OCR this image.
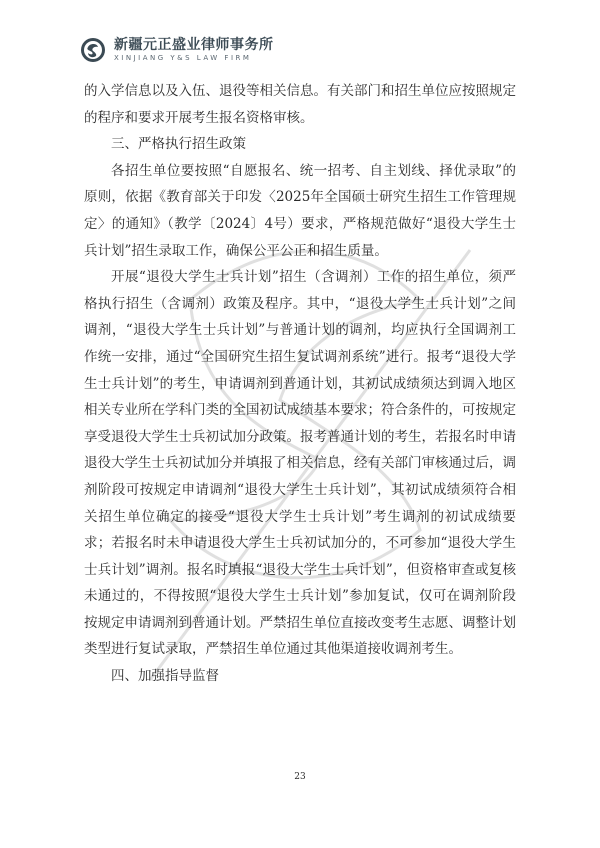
新疆元正盛业律师事务所
XINJIANG Y&S LAW FIRM

的入学信息以及入伍、退役等相关信息。有关部门和招生单位应按照规定的程序和要求开展考生报名资格审核。

三、严格执行招生政策

各招生单位要按照“自愿报名、统一招考、自主划线、择优录取”的原则，依据《教育部关于印发〈2025年全国硕士研究生招生工作管理规定〉的通知》（教学〔2024〕4号）要求，严格规范做好“退役大学生士兵计划”招生录取工作，确保公平公正和招生质量。

开展“退役大学生士兵计划”招生（含调剂）工作的招生单位，须严格执行招生（含调剂）政策及程序。其中，“退役大学生士兵计划”之间调剂，“退役大学生士兵计划”与普通计划的调剂，均应执行全国调剂工作统一安排，通过“全国研究生招生复试调剂系统”进行。报考“退役大学生士兵计划”的考生，申请调剂到普通计划，其初试成绩须达到调入地区相关专业所在学科门类的全国初试成绩基本要求；符合条件的，可按规定享受退役大学生士兵初试加分政策。报考普通计划的考生，若报名时申请退役大学生士兵初试加分并填报了相关信息，经有关部门审核通过后，调剂阶段可按规定申请调剂“退役大学生士兵计划”，其初试成绩须符合相关招生单位确定的接受“退役大学生士兵计划”考生调剂的初试成绩要求；若报名时未申请退役大学生士兵初试加分的，不可参加“退役大学生士兵计划”调剂。报名时填报“退役大学生士兵计划”，但资格审查或复核未通过的，不得按照“退役大学生士兵计划”参加复试，仅可在调剂阶段按规定申请调剂到普通计划。严禁招生单位直接改变考生志愿、调整计划类型进行复试录取，严禁招生单位通过其他渠道接收调剂考生。

四、加强指导监督
23
